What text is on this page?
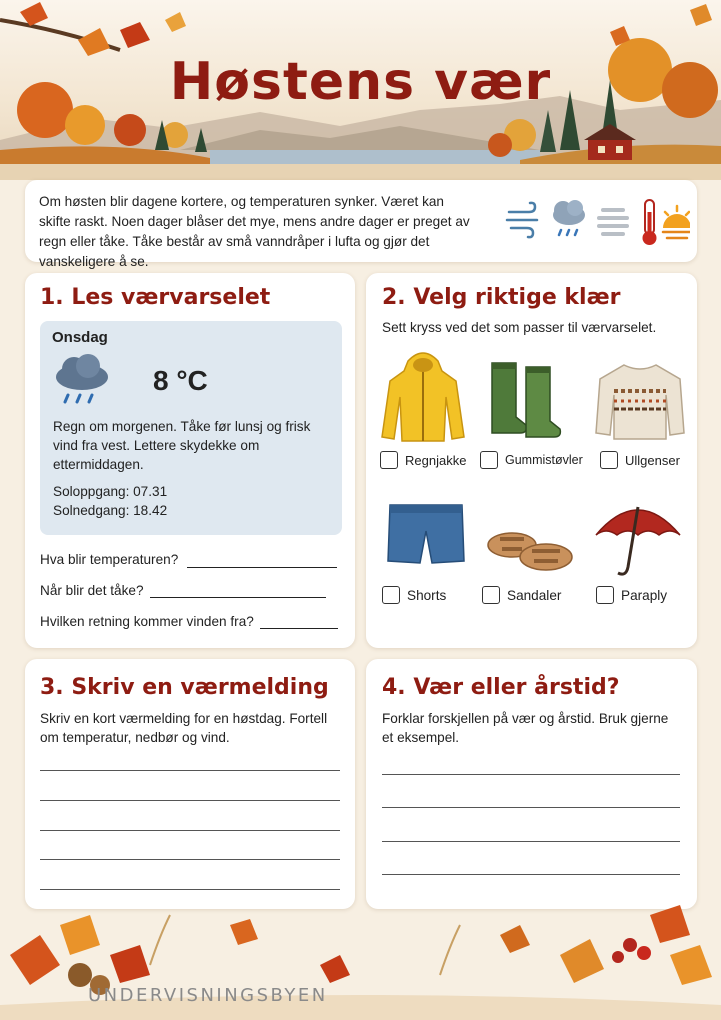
Høstens vær

Om høsten blir dagene kortere, og temperaturen synker. Været kan skifte raskt. Noen dager blåser det mye, mens andre dager er preget av regn eller tåke. Tåke består av små vanndråper i lufta og gjør det vanskeligere å se.

1. Les værvarselet
Onsdag
8 °C
Regn om morgenen. Tåke før lunsj og frisk vind fra vest. Lettere skydekke om ettermiddagen.
Soloppgang: 07.31
Solnedgang: 18.42
Hva blir temperaturen?
Når blir det tåke?
Hvilken retning kommer vinden fra?
2. Velg riktige klær
Sett kryss ved det som passer til værvarselet.
Regnjakke	Gummistøvler	Ullgenser
Shorts	Sandaler	Paraply
3. Skriv en værmelding
Skriv en kort værmelding for en høstdag. Fortell om temperatur, nedbør og vind.
4. Vær eller årstid?
Forklar forskjellen på vær og årstid. Bruk gjerne et eksempel.
UNDERVISNINGSBYEN
